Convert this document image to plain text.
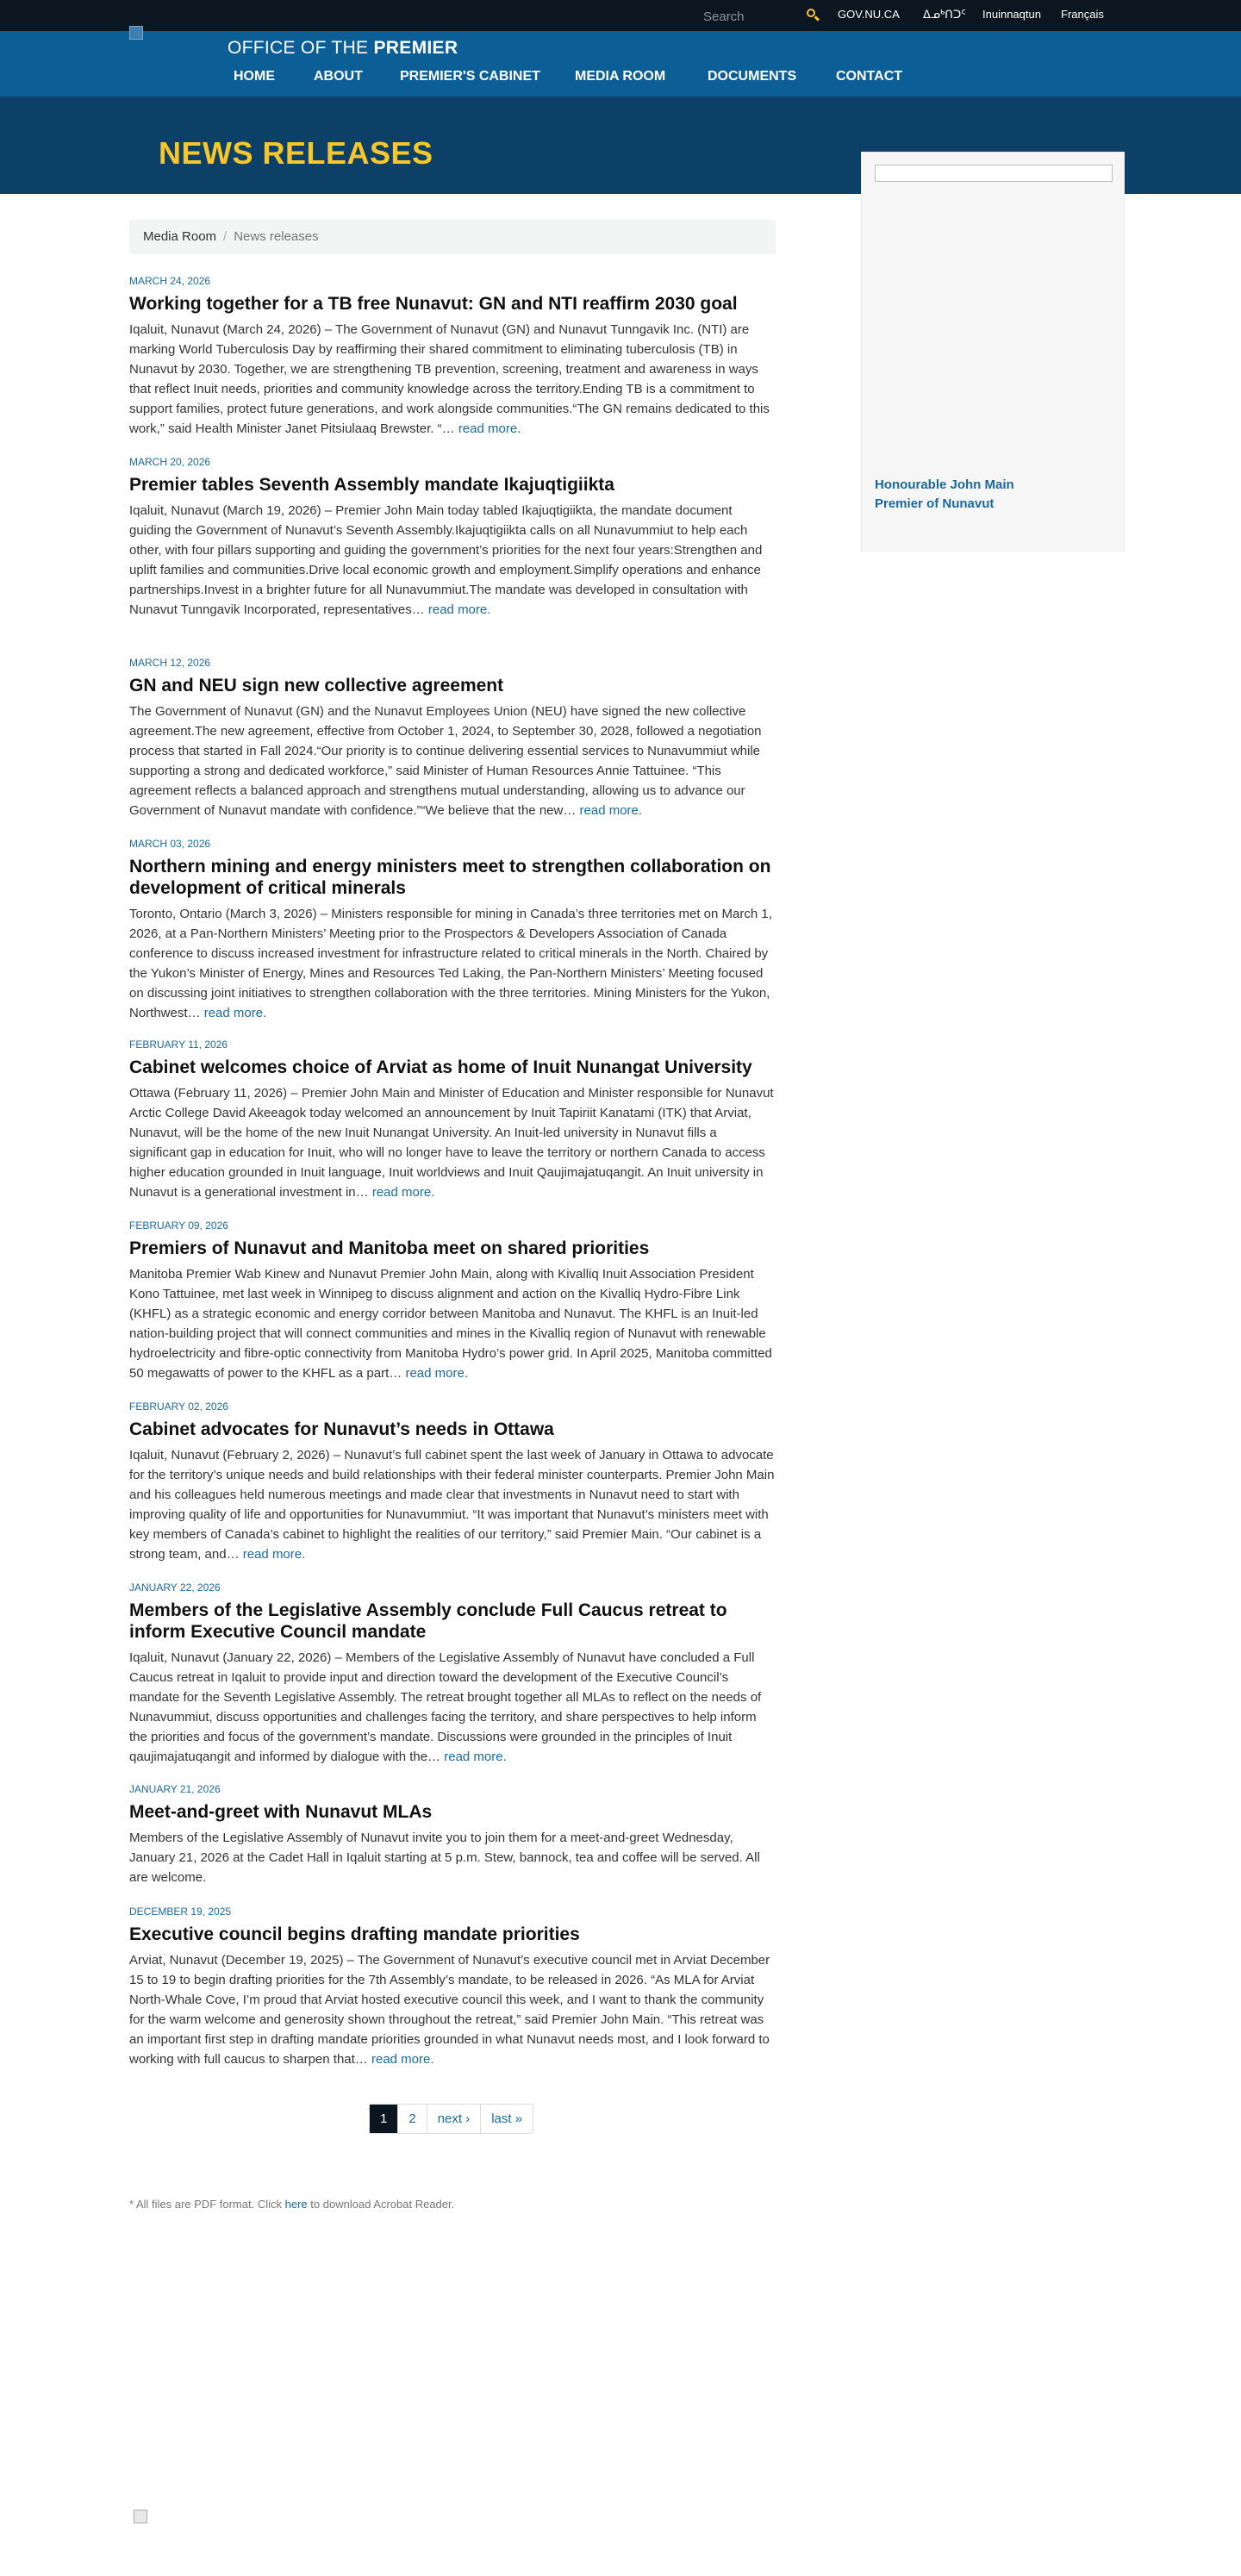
Search
GOV.NU.CA ᐃᓄᒃᑎᑐᑦ Inuinnaqtun Français
OFFICE OF THE PREMIER
HOME	ABOUT	PREMIER'S CABINET	MEDIA ROOM	DOCUMENTS	CONTACT
NEWS RELEASES
Honourable John Main
Premier of Nunavut
Media Room / News releases
MARCH 24, 2026
Working together for a TB free Nunavut: GN and NTI reaffirm 2030 goal
Iqaluit, Nunavut (March 24, 2026) – The Government of Nunavut (GN) and Nunavut Tunngavik Inc. (NTI) are marking World Tuberculosis Day by reaffirming their shared commitment to eliminating tuberculosis (TB) in Nunavut by 2030. Together, we are strengthening TB prevention, screening, treatment and awareness in ways that reflect Inuit needs, priorities and community knowledge across the territory.Ending TB is a commitment to support families, protect future generations, and work alongside communities.“The GN remains dedicated to this work,” said Health Minister Janet Pitsiulaaq Brewster. “… read more.
MARCH 20, 2026
Premier tables Seventh Assembly mandate Ikajuqtigiikta
Iqaluit, Nunavut (March 19, 2026) – Premier John Main today tabled Ikajuqtigiikta, the mandate document guiding the Government of Nunavut’s Seventh Assembly.Ikajuqtigiikta calls on all Nunavummiut to help each other, with four pillars supporting and guiding the government’s priorities for the next four years:Strengthen and uplift families and communities.Drive local economic growth and employment.Simplify operations and enhance partnerships.Invest in a brighter future for all Nunavummiut.The mandate was developed in consultation with Nunavut Tunngavik Incorporated, representatives… read more.
MARCH 12, 2026
GN and NEU sign new collective agreement
The Government of Nunavut (GN) and the Nunavut Employees Union (NEU) have signed the new collective agreement.The new agreement, effective from October 1, 2024, to September 30, 2028, followed a negotiation process that started in Fall 2024.“Our priority is to continue delivering essential services to Nunavummiut while supporting a strong and dedicated workforce,” said Minister of Human Resources Annie Tattuinee. “This agreement reflects a balanced approach and strengthens mutual understanding, allowing us to advance our Government of Nunavut mandate with confidence.”“We believe that the new… read more.
MARCH 03, 2026
Northern mining and energy ministers meet to strengthen collaboration on development of critical minerals
Toronto, Ontario (March 3, 2026) – Ministers responsible for mining in Canada’s three territories met on March 1, 2026, at a Pan-Northern Ministers’ Meeting prior to the Prospectors & Developers Association of Canada conference to discuss increased investment for infrastructure related to critical minerals in the North. Chaired by the Yukon’s Minister of Energy, Mines and Resources Ted Laking, the Pan-Northern Ministers’ Meeting focused on discussing joint initiatives to strengthen collaboration with the three territories. Mining Ministers for the Yukon, Northwest… read more.
FEBRUARY 11, 2026
Cabinet welcomes choice of Arviat as home of Inuit Nunangat University
Ottawa (February 11, 2026) – Premier John Main and Minister of Education and Minister responsible for Nunavut Arctic College David Akeeagok today welcomed an announcement by Inuit Tapiriit Kanatami (ITK) that Arviat, Nunavut, will be the home of the new Inuit Nunangat University. An Inuit-led university in Nunavut fills a significant gap in education for Inuit, who will no longer have to leave the territory or northern Canada to access higher education grounded in Inuit language, Inuit worldviews and Inuit Qaujimajatuqangit. An Inuit university in Nunavut is a generational investment in… read more.
FEBRUARY 09, 2026
Premiers of Nunavut and Manitoba meet on shared priorities
Manitoba Premier Wab Kinew and Nunavut Premier John Main, along with Kivalliq Inuit Association President Kono Tattuinee, met last week in Winnipeg to discuss alignment and action on the Kivalliq Hydro-Fibre Link (KHFL) as a strategic economic and energy corridor between Manitoba and Nunavut. The KHFL is an Inuit-led nation-building project that will connect communities and mines in the Kivalliq region of Nunavut with renewable hydroelectricity and fibre-optic connectivity from Manitoba Hydro’s power grid. In April 2025, Manitoba committed 50 megawatts of power to the KHFL as a part… read more.
FEBRUARY 02, 2026
Cabinet advocates for Nunavut’s needs in Ottawa
Iqaluit, Nunavut (February 2, 2026) – Nunavut’s full cabinet spent the last week of January in Ottawa to advocate for the territory’s unique needs and build relationships with their federal minister counterparts. Premier John Main and his colleagues held numerous meetings and made clear that investments in Nunavut need to start with improving quality of life and opportunities for Nunavummiut. “It was important that Nunavut’s ministers meet with key members of Canada’s cabinet to highlight the realities of our territory,” said Premier Main. “Our cabinet is a strong team, and… read more.
JANUARY 22, 2026
Members of the Legislative Assembly conclude Full Caucus retreat to inform Executive Council mandate
Iqaluit, Nunavut (January 22, 2026) – Members of the Legislative Assembly of Nunavut have concluded a Full Caucus retreat in Iqaluit to provide input and direction toward the development of the Executive Council’s mandate for the Seventh Legislative Assembly. The retreat brought together all MLAs to reflect on the needs of Nunavummiut, discuss opportunities and challenges facing the territory, and share perspectives to help inform the priorities and focus of the government’s mandate. Discussions were grounded in the principles of Inuit qaujimajatuqangit and informed by dialogue with the… read more.
JANUARY 21, 2026
Meet-and-greet with Nunavut MLAs
Members of the Legislative Assembly of Nunavut invite you to join them for a meet-and-greet Wednesday, January 21, 2026 at the Cadet Hall in Iqaluit starting at 5 p.m. Stew, bannock, tea and coffee will be served. All are welcome.
DECEMBER 19, 2025
Executive council begins drafting mandate priorities
Arviat, Nunavut (December 19, 2025) – The Government of Nunavut’s executive council met in Arviat December 15 to 19 to begin drafting priorities for the 7th Assembly’s mandate, to be released in 2026. “As MLA for Arviat North-Whale Cove, I’m proud that Arviat hosted executive council this week, and I want to thank the community for the warm welcome and generosity shown throughout the retreat,” said Premier John Main. “This retreat was an important first step in drafting mandate priorities grounded in what Nunavut needs most, and I look forward to working with full caucus to sharpen that… read more.
1	2	next ›	last »
* All files are PDF format. Click here to download Acrobat Reader.
